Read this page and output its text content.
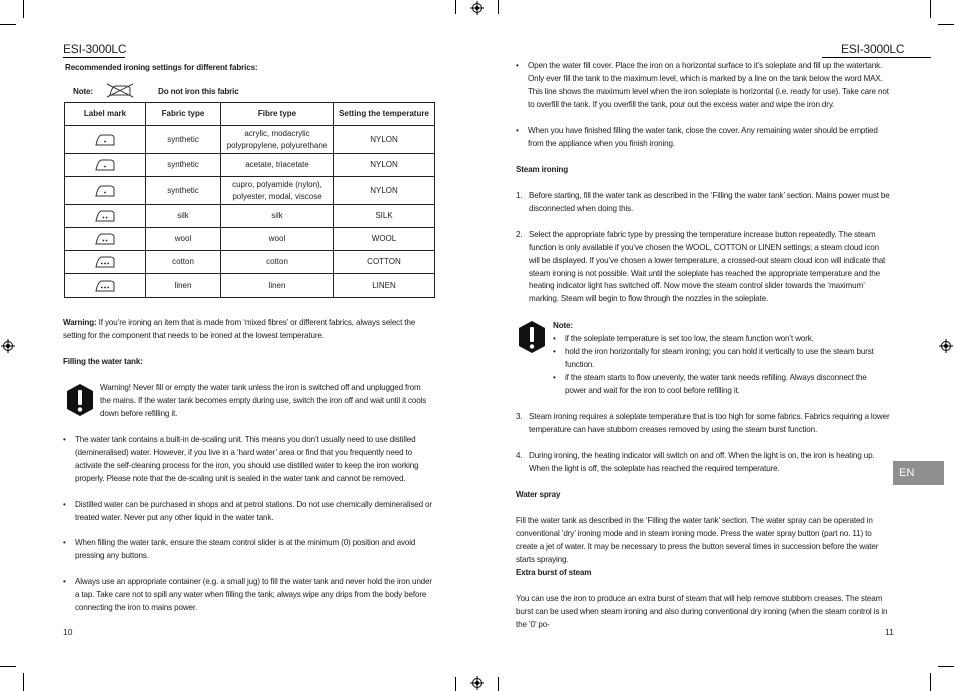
ESI-3000LC
Recommended ironing settings for different fabrics:
Note:	Do not iron this fabric
Label mark	Fabric type	Fibre type	Setting the temperature

	synthetic	acrylic, modacrylic polypropylene, polyurethane	NYLON

	synthetic	acetate, triacetate	NYLON

	synthetic	cupro, polyamide (nylon), polyester, modal, viscose	NYLON

	silk	silk	SILK

	wool	wool	WOOL

	cotton	cotton	COTTON

	linen	linen	LINEN
Warning: If you’re ironing an item that is made from ‘mixed fibres’ or different fabrics, always select the setting for the component that needs to be ironed at the lowest temperature.
Filling the water tank:
Warning! Never fill or empty the water tank unless the iron is switched off and unplugged from the mains. If the water tank becomes empty during use, switch the iron off and wait until it cools down before refilling it.
• The water tank contains a built-in de-scaling unit. This means you don’t usually need to use distilled (demineralised) water. However, if you live in a ‘hard water’ area or find that you frequently need to activate the self-cleaning process for the iron, you should use distilled water to keep the iron working properly. Please note that the de-scaling unit is sealed in the water tank and cannot be removed.
• Distilled water can be purchased in shops and at petrol stations. Do not use chemically demineralised or treated water. Never put any other liquid in the water tank.
• When filling the water tank, ensure the steam control slider is at the minimum (0) position and avoid pressing any buttons.
• Always use an appropriate container (e.g. a small jug) to fill the water tank and never hold the iron under a tap. Take care not to spill any water when filling the tank; always wipe any drips from the body before connecting the iron to mains power.
10
ESI-3000LC
• Open the water fill cover. Place the iron on a horizontal surface to it’s soleplate and fill up the watertank. Only ever fill the tank to the maximum level, which is marked by a line on the tank below the word MAX. This line shows the maximum level when the iron soleplate is horizontal (i.e. ready for use). Take care not to overfill the tank. If you overfill the tank, pour out the excess water and wipe the iron dry.
• When you have finished filling the water tank, close the cover. Any remaining water should be emptied from the appliance when you finish ironing.
Steam ironing
1. Before starting, fill the water tank as described in the ‘Filling the water tank’ section. Mains power must be disconnected when doing this.
2. Select the appropriate fabric type by pressing the temperature increase button repeatedly. The steam function is only available if you’ve chosen the WOOL, COTTON or LINEN settings; a steam cloud icon will be displayed. If you’ve chosen a lower temperature, a crossed-out steam cloud icon will indicate that steam ironing is not possible. Wait until the soleplate has reached the appropriate temperature and the heating indicator light has switched off. Now move the steam control slider towards the ‘maximum’ marking. Steam will begin to flow through the nozzles in the soleplate.
Note:
• if the soleplate temperature is set too low, the steam function won’t work.
• hold the iron horizontally for steam ironing; you can hold it vertically to use the steam burst function.
• if the steam starts to flow unevenly, the water tank needs refilling. Always disconnect the power and wait for the iron to cool before refilling it.
3. Steam ironing requires a soleplate temperature that is too high for some fabrics. Fabrics requiring a lower temperature can have stubborn creases removed by using the steam burst function.
4. During ironing, the heating indicator will switch on and off. When the light is on, the iron is heating up. When the light is off, the soleplate has reached the required temperature.
Water spray
Fill the water tank as described in the ‘Filling the water tank’ section. The water spray can be operated in conventional ‘dry’ ironing mode and in steam ironing mode. Press the water spray button (part no. 11) to create a jet of water. It may be necessary to press the button several times in succession before the water starts spraying.
Extra burst of steam
You can use the iron to produce an extra burst of steam that will help remove stubborn creases. The steam burst can be used when steam ironing and also during conventional dry ironing (when the steam control is in the ‘0’ po-
11
EN
